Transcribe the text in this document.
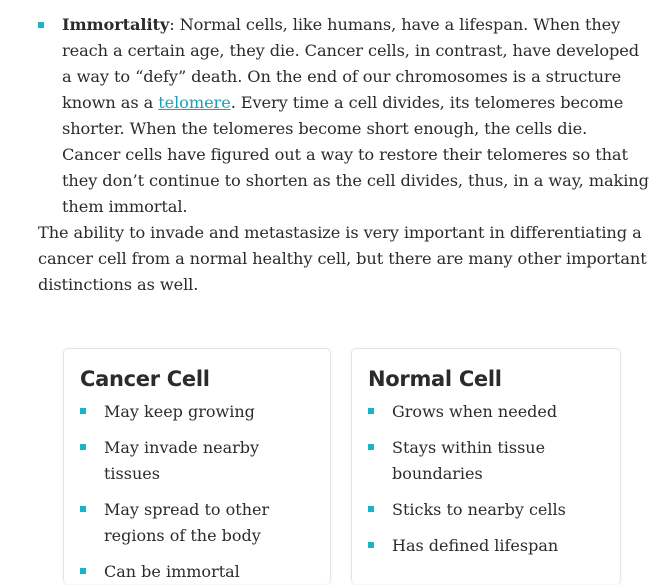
Immortality: Normal cells, like humans, have a lifespan. When they reach a certain age, they die. Cancer cells, in contrast, have developed a way to “defy” death. On the end of our chromosomes is a structure known as a telomere. Every time a cell divides, its telomeres become shorter. When the telomeres become short enough, the cells die. Cancer cells have figured out a way to restore their telomeres so that they don’t continue to shorten as the cell divides, thus, in a way, making them immortal.

The ability to invade and metastasize is very important in differentiating a cancer cell from a normal healthy cell, but there are many other important distinctions as well.

Cancer Cell
May keep growing
May invade nearby tissues
May spread to other regions of the body
Can be immortal
Normal Cell
Grows when needed
Stays within tissue boundaries
Sticks to nearby cells
Has defined lifespan
